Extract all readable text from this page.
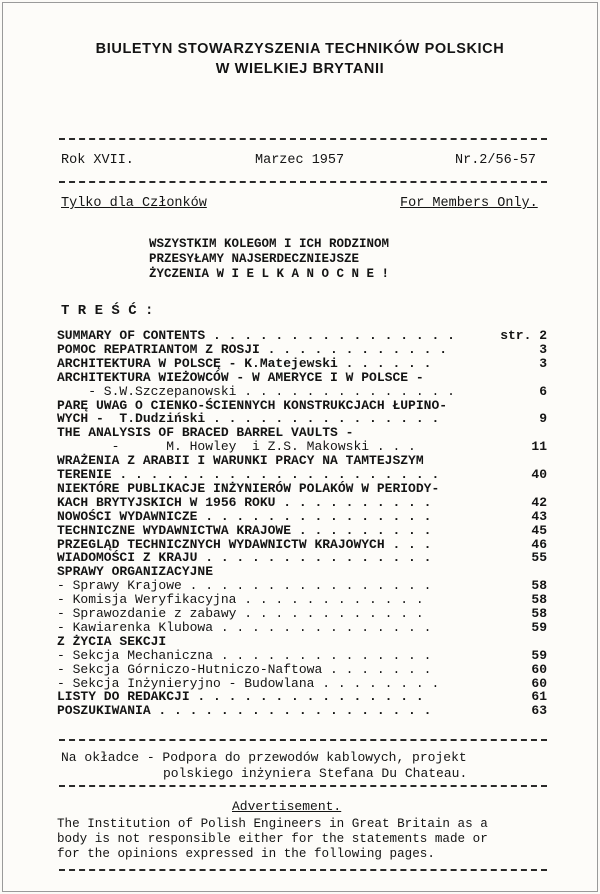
BIULETYN STOWARZYSZENIA TECHNIKÓW POLSKICH
W WIELKIEJ BRYTANII
Rok XVII.	Marzec 1957	Nr.2/56-57
Tylko dla Członków	For Members Only.
WSZYSTKIM KOLEGOM I ICH RODZINOM
PRZESYŁAMY NAJSERDECZNIEJSZE
ŻYCZENIA W I E L K A N O C N E !
T R E Ś Ć :
SUMMARY OF CONTENTS . . . . . . . . . . . . . . . .	str. 2
POMOC REPATRIANTOM Z ROSJI . . . . . . . . . . . .	3
ARCHITEKTURA W POLSCĘ - K.Matejewski . . . . . .	3
ARCHITEKTURA WIEŻOWCÓW - W AMERYCE I W POLSCE -
- S.W.Szczepanowski . . . . . . . . . . . . . .	6
PARĘ UWAG O CIENKO-ŚCIENNYCH KONSTRUKCJACH ŁUPINO-
WYCH -  T.Dudziński . . . . . . . . . . . . . . .	9
THE ANALYSIS OF BRACED BARREL VAULTS -
-      M. Howley  i Z.S. Makowski . . .	11
WRAŻENIA Z ARABII I WARUNKI PRACY NA TAMTEJSZYM
TERENIE . . . . . . . . . . . . . . . . . . . . .	40
NIEKTÓRE PUBLIKACJE INŻYNIERÓW POLAKÓW W PERIODY-
KACH BRYTYJSKICH W 1956 ROKU . . . . . . . . . .	42
NOWOŚCI WYDAWNICZE . . . . . . . . . . . . . . .	43
TECHNICZNE WYDAWNICTWA KRAJOWE . . . . . . . . .	45
PRZEGLĄD TECHNICZNYCH WYDAWNICTW KRAJOWYCH . . .	46
WIADOMOŚCI Z KRAJU . . . . . . . . . . . . . . .	55
SPRAWY ORGANIZACYJNE
- Sprawy Krajowe . . . . . . . . . . . . . . . .	58
- Komisja Weryfikacyjna . . . . . . . . . . . .	58
- Sprawozdanie z zabawy . . . . . . . . . . . .	58
- Kawiarenka Klubowa . . . . . . . . . . . . . .	59
Z ŻYCIA SEKCJI
- Sekcja Mechaniczna . . . . . . . . . . . . . .	59
- Sekcja Górniczo-Hutniczo-Naftowa . . . . . . .	60
- Sekcja Inżynieryjno - Budowlana . . . . . . . .	60
LISTY DO REDAKCJI . . . . . . . . . . . . . . .	61
POSZUKIWANIA . . . . . . . . . . . . . . . . . .	63
Na okładce - Podpora do przewodów kablowych, projekt
polskiego inżyniera Stefana Du Chateau.
Advertisement.
The Institution of Polish Engineers in Great Britain as a
body is not responsible either for the statements made or
for the opinions expressed in the following pages.
